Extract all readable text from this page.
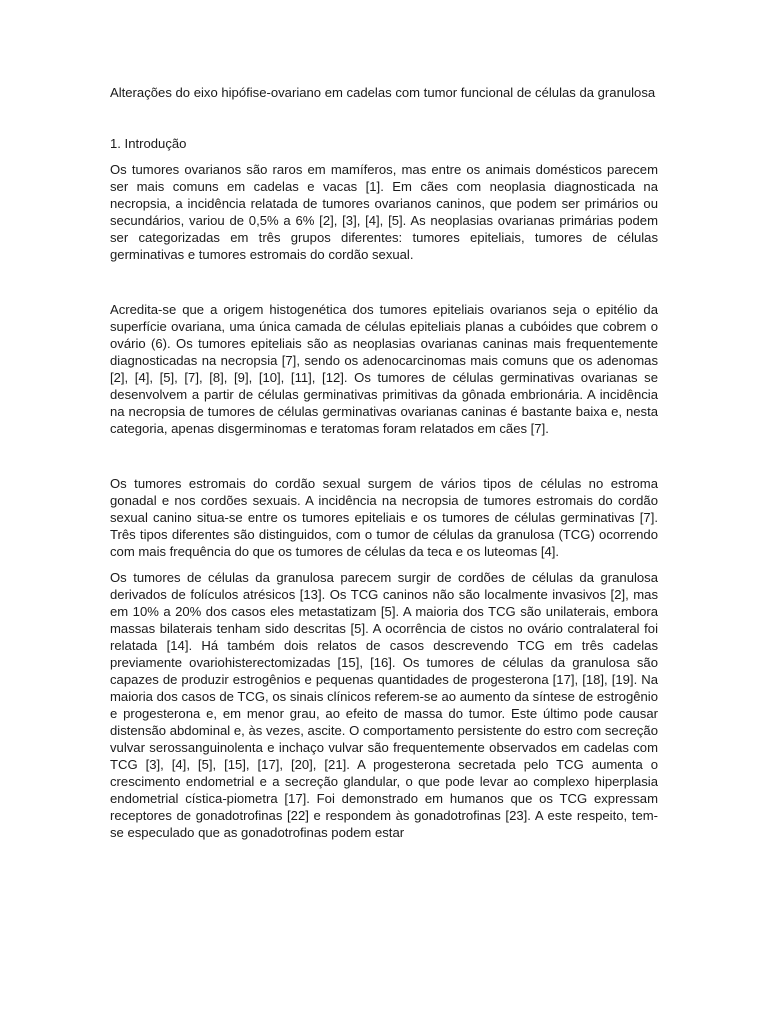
Alterações do eixo hipófise-ovariano em cadelas com tumor funcional de células da granulosa
1. Introdução

Os tumores ovarianos são raros em mamíferos, mas entre os animais domésticos parecem ser mais comuns em cadelas e vacas [1]. Em cães com neoplasia diagnosticada na necropsia, a incidência relatada de tumores ovarianos caninos, que podem ser primários ou secundários, variou de 0,5% a 6% [2], [3], [4], [5]. As neoplasias ovarianas primárias podem ser categorizadas em três grupos diferentes: tumores epiteliais, tumores de células germinativas e tumores estromais do cordão sexual.

Acredita-se que a origem histogenética dos tumores epiteliais ovarianos seja o epitélio da superfície ovariana, uma única camada de células epiteliais planas a cubóides que cobrem o ovário (6). Os tumores epiteliais são as neoplasias ovarianas caninas mais frequentemente diagnosticadas na necropsia [7], sendo os adenocarcinomas mais comuns que os adenomas [2], [4], [5], [7], [8], [9], [10], [11], [12]. Os tumores de células germinativas ovarianas se desenvolvem a partir de células germinativas primitivas da gônada embrionária. A incidência na necropsia de tumores de células germinativas ovarianas caninas é bastante baixa e, nesta categoria, apenas disgerminomas e teratomas foram relatados em cães [7].

Os tumores estromais do cordão sexual surgem de vários tipos de células no estroma gonadal e nos cordões sexuais. A incidência na necropsia de tumores estromais do cordão sexual canino situa-se entre os tumores epiteliais e os tumores de células germinativas [7]. Três tipos diferentes são distinguidos, com o tumor de células da granulosa (TCG) ocorrendo com mais frequência do que os tumores de células da teca e os luteomas [4].

Os tumores de células da granulosa parecem surgir de cordões de células da granulosa derivados de folículos atrésicos [13]. Os TCG caninos não são localmente invasivos [2], mas em 10% a 20% dos casos eles metastatizam [5]. A maioria dos TCG são unilaterais, embora massas bilaterais tenham sido descritas [5]. A ocorrência de cistos no ovário contralateral foi relatada [14]. Há também dois relatos de casos descrevendo TCG em três cadelas previamente ovariohisterectomizadas [15], [16]. Os tumores de células da granulosa são capazes de produzir estrogênios e pequenas quantidades de progesterona [17], [18], [19]. Na maioria dos casos de TCG, os sinais clínicos referem-se ao aumento da síntese de estrogênio e progesterona e, em menor grau, ao efeito de massa do tumor. Este último pode causar distensão abdominal e, às vezes, ascite. O comportamento persistente do estro com secreção vulvar serossanguinolenta e inchaço vulvar são frequentemente observados em cadelas com TCG [3], [4], [5], [15], [17], [20], [21]. A progesterona secretada pelo TCG aumenta o crescimento endometrial e a secreção glandular, o que pode levar ao complexo hiperplasia endometrial cística-piometra [17]. Foi demonstrado em humanos que os TCG expressam receptores de gonadotrofinas [22] e respondem às gonadotrofinas [23]. A este respeito, tem-se especulado que as gonadotrofinas podem estar
